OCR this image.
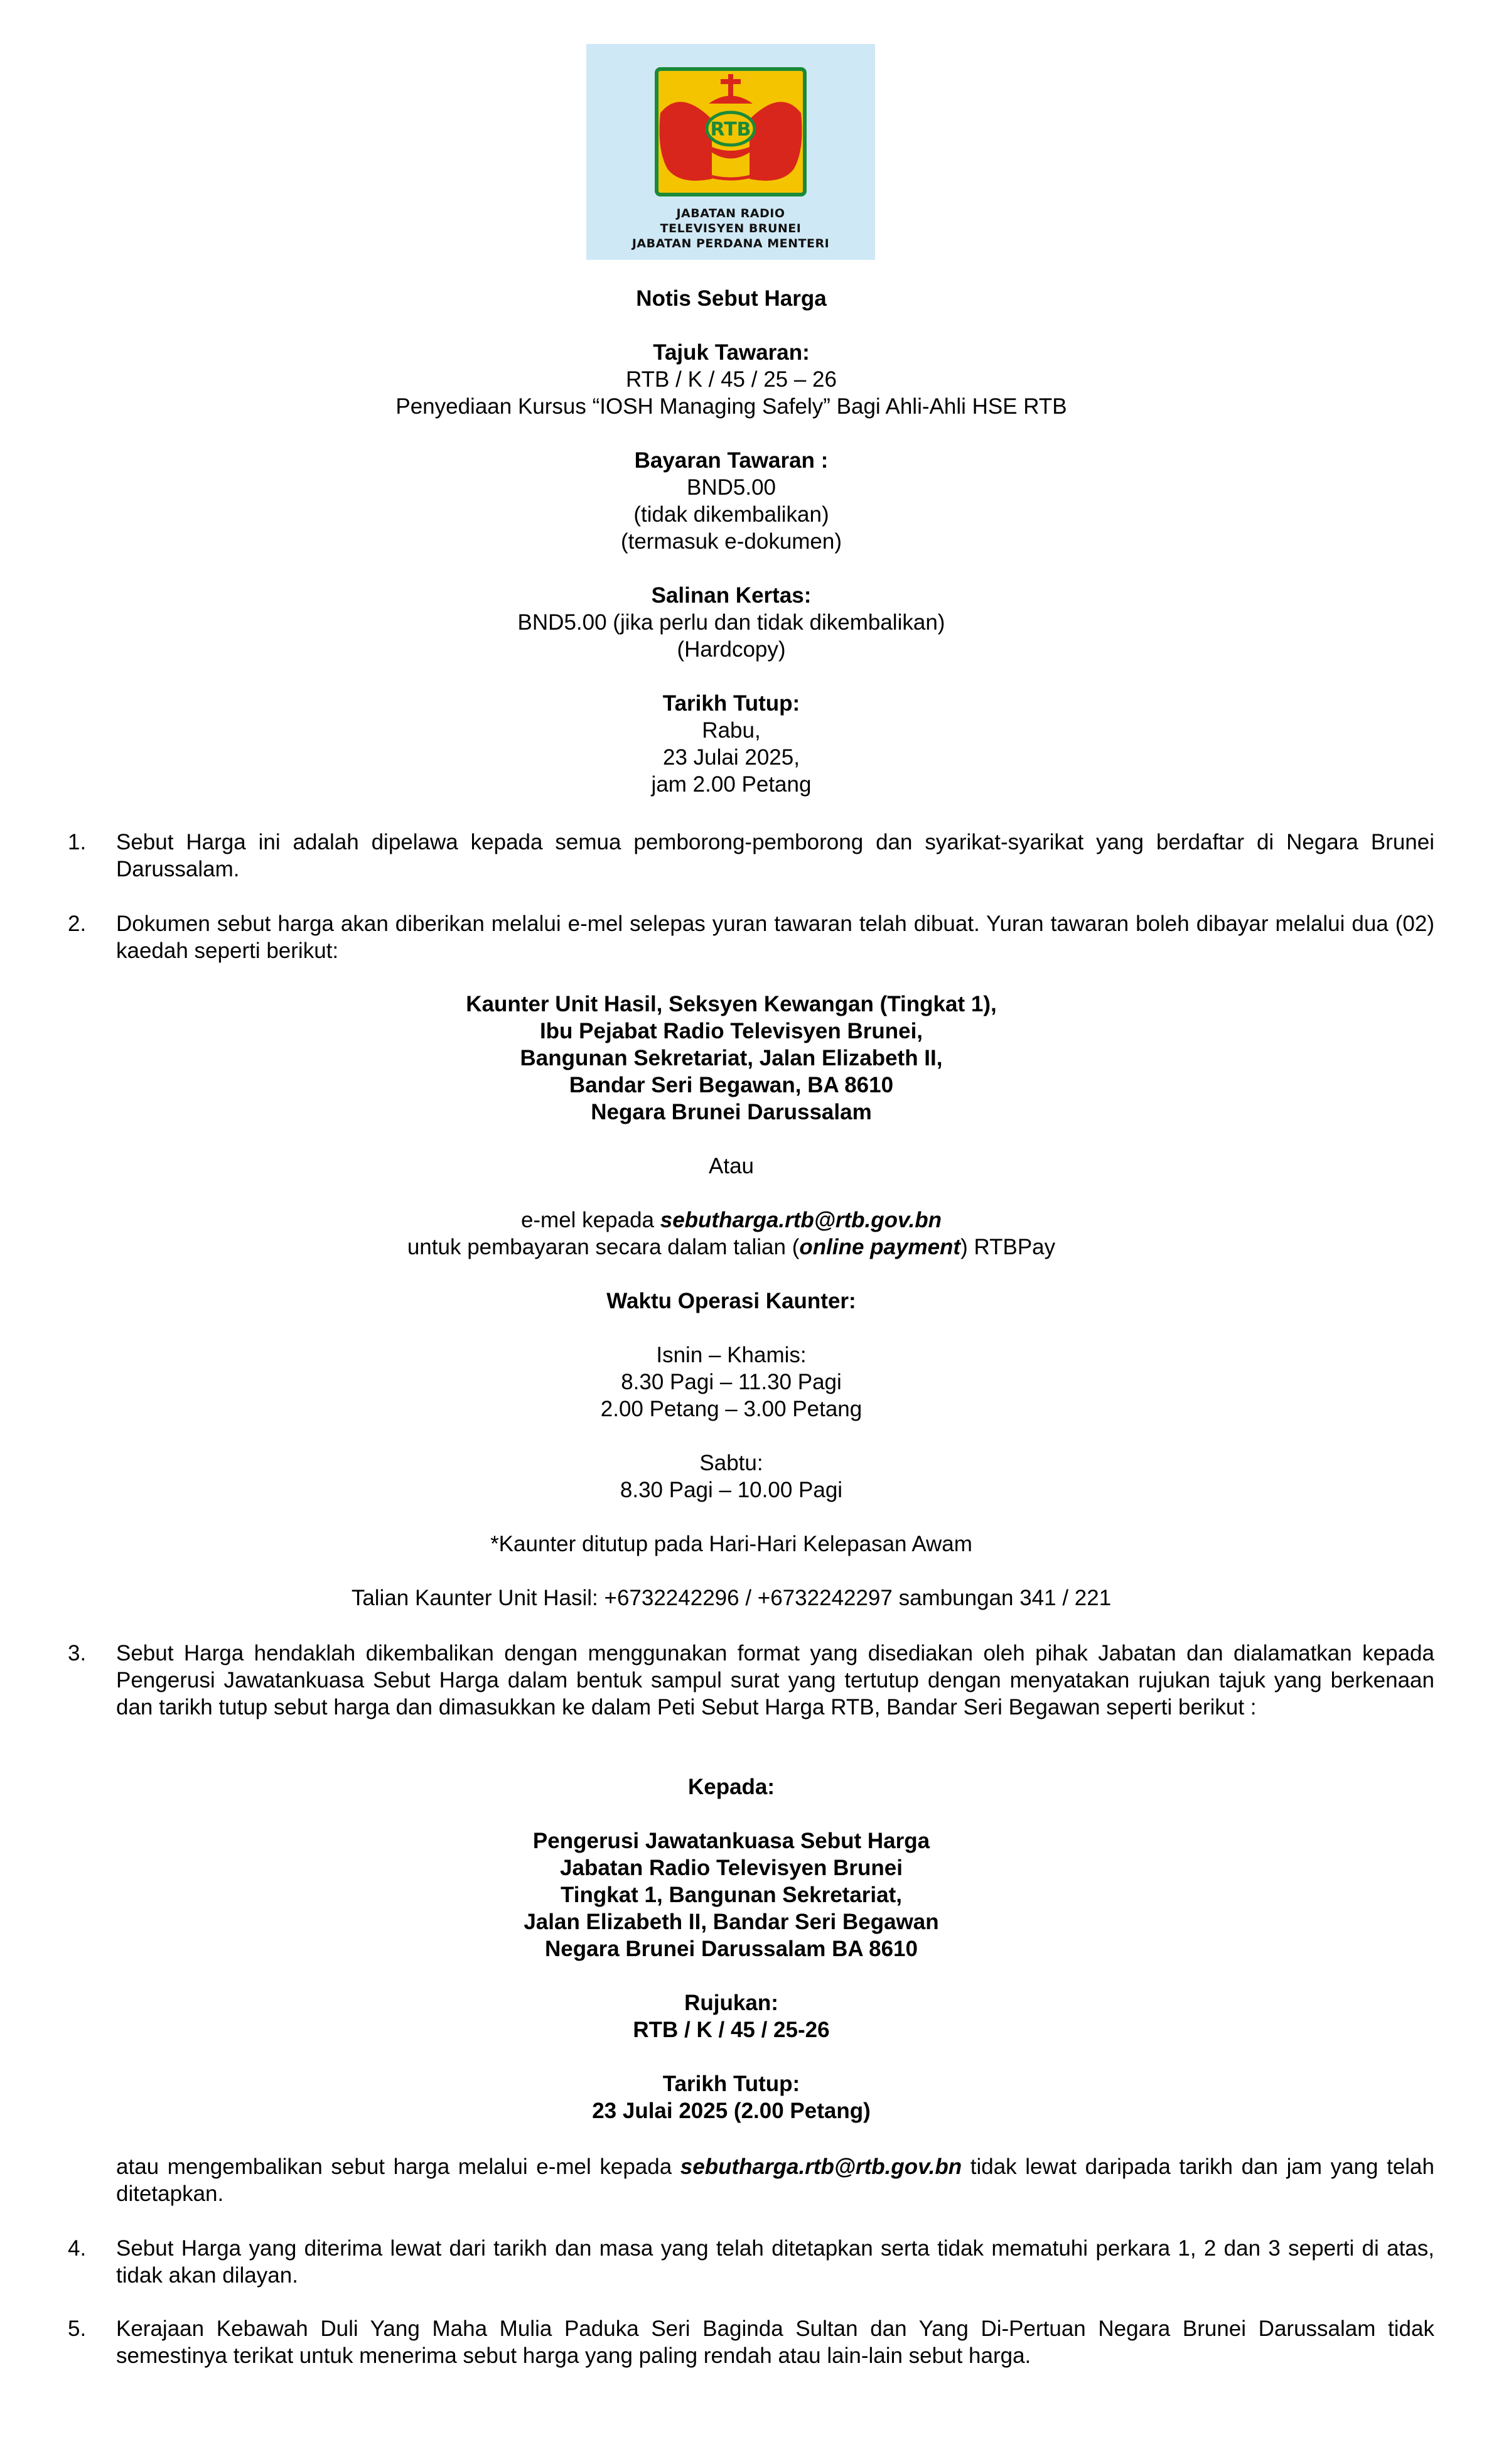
RTB
JABATAN RADIO
TELEVISYEN BRUNEI
JABATAN PERDANA MENTERI
Notis Sebut Harga
Tajuk Tawaran:
RTB / K / 45 / 25 – 26
Penyediaan Kursus “IOSH Managing Safely” Bagi Ahli-Ahli HSE RTB
Bayaran Tawaran :
BND5.00
(tidak dikembalikan)
(termasuk e-dokumen)
Salinan Kertas:
BND5.00 (jika perlu dan tidak dikembalikan)
(Hardcopy)
Tarikh Tutup:
Rabu,
23 Julai 2025,
jam 2.00 Petang
1. Sebut Harga ini adalah dipelawa kepada semua pemborong-pemborong dan syarikat-syarikat yang berdaftar di Negara Brunei Darussalam.
2. Dokumen sebut harga akan diberikan melalui e-mel selepas yuran tawaran telah dibuat. Yuran tawaran boleh dibayar melalui dua (02) kaedah seperti berikut:
Kaunter Unit Hasil, Seksyen Kewangan (Tingkat 1),
Ibu Pejabat Radio Televisyen Brunei,
Bangunan Sekretariat, Jalan Elizabeth II,
Bandar Seri Begawan, BA 8610
Negara Brunei Darussalam
Atau
e-mel kepada sebutharga.rtb@rtb.gov.bn
untuk pembayaran secara dalam talian (online payment) RTBPay
Waktu Operasi Kaunter:
Isnin – Khamis:
8.30 Pagi – 11.30 Pagi
2.00 Petang – 3.00 Petang
Sabtu:
8.30 Pagi – 10.00 Pagi
*Kaunter ditutup pada Hari-Hari Kelepasan Awam
Talian Kaunter Unit Hasil: +6732242296 / +6732242297 sambungan 341 / 221
3. Sebut Harga hendaklah dikembalikan dengan menggunakan format yang disediakan oleh pihak Jabatan dan dialamatkan kepada Pengerusi Jawatankuasa Sebut Harga dalam bentuk sampul surat yang tertutup dengan menyatakan rujukan tajuk yang berkenaan dan tarikh tutup sebut harga dan dimasukkan ke dalam Peti Sebut Harga RTB, Bandar Seri Begawan seperti berikut :
Kepada:
Pengerusi Jawatankuasa Sebut Harga
Jabatan Radio Televisyen Brunei
Tingkat 1, Bangunan Sekretariat,
Jalan Elizabeth II, Bandar Seri Begawan
Negara Brunei Darussalam BA 8610
Rujukan:
RTB / K / 45 / 25-26
Tarikh Tutup:
23 Julai 2025 (2.00 Petang)
atau mengembalikan sebut harga melalui e-mel kepada sebutharga.rtb@rtb.gov.bn tidak lewat daripada tarikh dan jam yang telah ditetapkan.
4. Sebut Harga yang diterima lewat dari tarikh dan masa yang telah ditetapkan serta tidak mematuhi perkara 1, 2 dan 3 seperti di atas, tidak akan dilayan.
5. Kerajaan Kebawah Duli Yang Maha Mulia Paduka Seri Baginda Sultan dan Yang Di-Pertuan Negara Brunei Darussalam tidak semestinya terikat untuk menerima sebut harga yang paling rendah atau lain-lain sebut harga.
